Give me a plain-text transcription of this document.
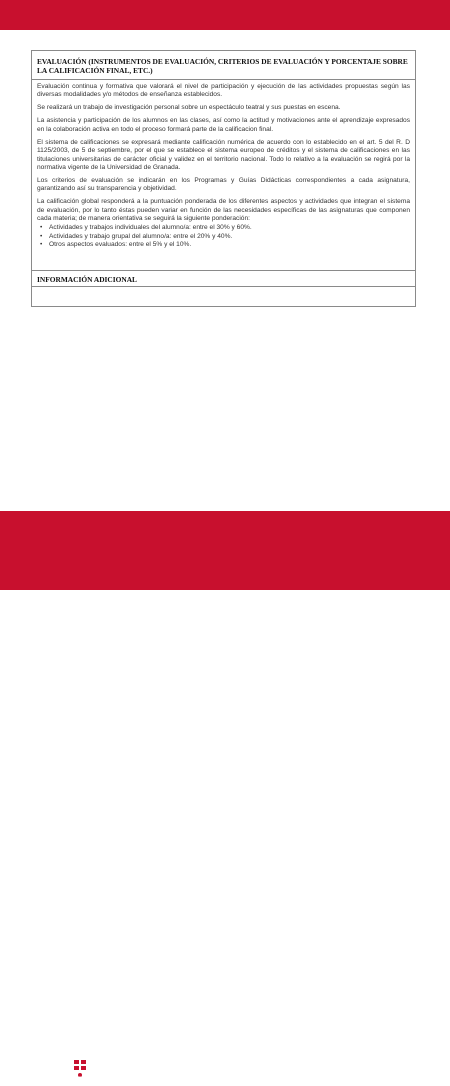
EVALUACIÓN (INSTRUMENTOS DE EVALUACIÓN, CRITERIOS DE EVALUACIÓN Y PORCENTAJE SOBRE LA CALIFICACIÓN FINAL, ETC.)

Evaluación continua y formativa que valorará el nivel de participación y ejecución de las actividades propuestas según las diversas modalidades y/o métodos de enseñanza establecidos.

Se realizará un trabajo de investigación personal sobre un espectáculo teatral y sus puestas en escena.

La asistencia y participación de los alumnos en las clases, así como la actitud y motivaciones ante el aprendizaje expresados en la colaboración activa en todo el proceso formará parte de la calificacion final.

El sistema de calificaciones se expresará mediante calificación numérica de acuerdo con lo establecido en el art. 5 del R. D 1125/2003, de 5 de septiembre, por el que se establece el sistema europeo de créditos y el sistema de calificaciones en las titulaciones universitarias de carácter oficial y validez en el territorio nacional. Todo lo relativo a la evaluación se regirá por la normativa vigente de la Universidad de Granada.

Los criterios de evaluación se indicarán en los Programas y Guías Didácticas correspondientes a cada asignatura, garantizando así su transparencia y objetividad.

La calificación global responderá a la puntuación ponderada de los diferentes aspectos y actividades que integran el sistema de evaluación, por lo tanto éstas pueden variar en función de las necesidades específicas de las asignaturas que componen cada materia; de manera orientativa se seguirá la siguiente ponderación:

• Actividades y trabajos individuales del alumno/a: entre el 30% y 60%.
• Actividades y trabajo grupal del alumno/a: entre el 20% y 40%.
• Otros aspectos evaluados: entre el 5% y el 10%.
INFORMACIÓN ADICIONAL
ugr Universidad
de Granada
